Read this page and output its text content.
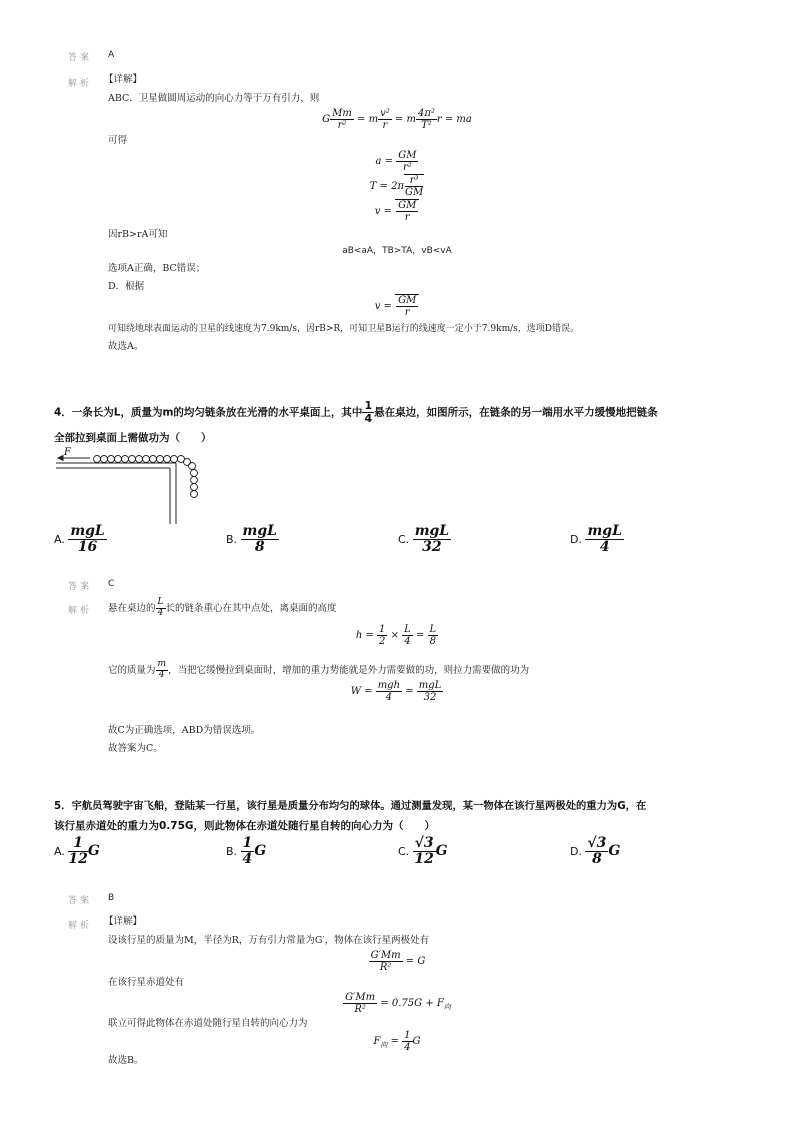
答案 A
解析 【详解】
ABC．卫星做圆周运动的向心力等于万有引力，则
G $\frac{Mm}{\text{r²}} = m \frac{\text{v²}}{r} = m \frac{\text{4π²}}{\text{T²}}$ r = ma
可得
$a = \frac{GM}{\text{r²}}$
$T = 2\pi \frac{\text{r³}}{GM}$
$v = \frac{GM}{r}$
因rB>rA可知
aB<aA，TB>TA，vB<vA
选项A正确，BC错误；
D．根据
$v = \frac{GM}{r}$
可知绕地球表面运动的卫星的线速度为7.9km/s，因rB>R，可知卫星B运行的线速度一定小于7.9km/s，选项D错误。
故选A。
4．一条长为L，质量为m的均匀链条放在光滑的水平桌面上，其中 $\frac{1}{4}$ 悬在桌边，如图所示，在链条的另一端用水平力缓慢地把链条
全部拉到桌面上需做功为（　　）
F
A. $\frac{\text{mgL}}{16}$	B. $\frac{\text{mgL}}{8}$	C. $\frac{\text{mgL}}{32}$	D. $\frac{\text{mgL}}{4}$
答案 C
解析 悬在桌边的 $\frac{L}{4}$ 长的链条重心在其中点处，离桌面的高度
$h = \frac{1}{2} \times \frac{L}{4} = \frac{L}{8}$
它的质量为 $\frac{m}{4}$ ，当把它缓慢拉到桌面时，增加的重力势能就是外力需要做的功，则拉力需要做的功为
$W = \frac{\text{mgh}}{4} = \frac{\text{mgL}}{32}$
故C为正确选项，ABD为错误选项。
故答案为C。
5．宇航员驾驶宇宙飞船，登陆某一行星，该行星是质量分布均匀的球体。通过测量发现，某一物体在该行星两极处的重力为G，在
该行星赤道处的重力为0.75G，则此物体在赤道处随行星自转的向心力为（　　）
A. $\frac{1}{12}$ G	B. $\frac{1}{4}$ G	C. $\frac{√3}{12}$ G	D. $\frac{√3}{8}$ G
答案 B
解析 【详解】
设该行星的质量为M，半径为R，万有引力常量为G′，物体在该行星两极处有
$\frac{G'Mm}{\text{R²}} = G$
在该行星赤道处有
$\frac{G'Mm}{\text{R²}} = 0.75G + F_向$
联立可得此物体在赤道处随行星自转的向心力为
$F_向 = \frac{1}{4}$ G
故选B。
